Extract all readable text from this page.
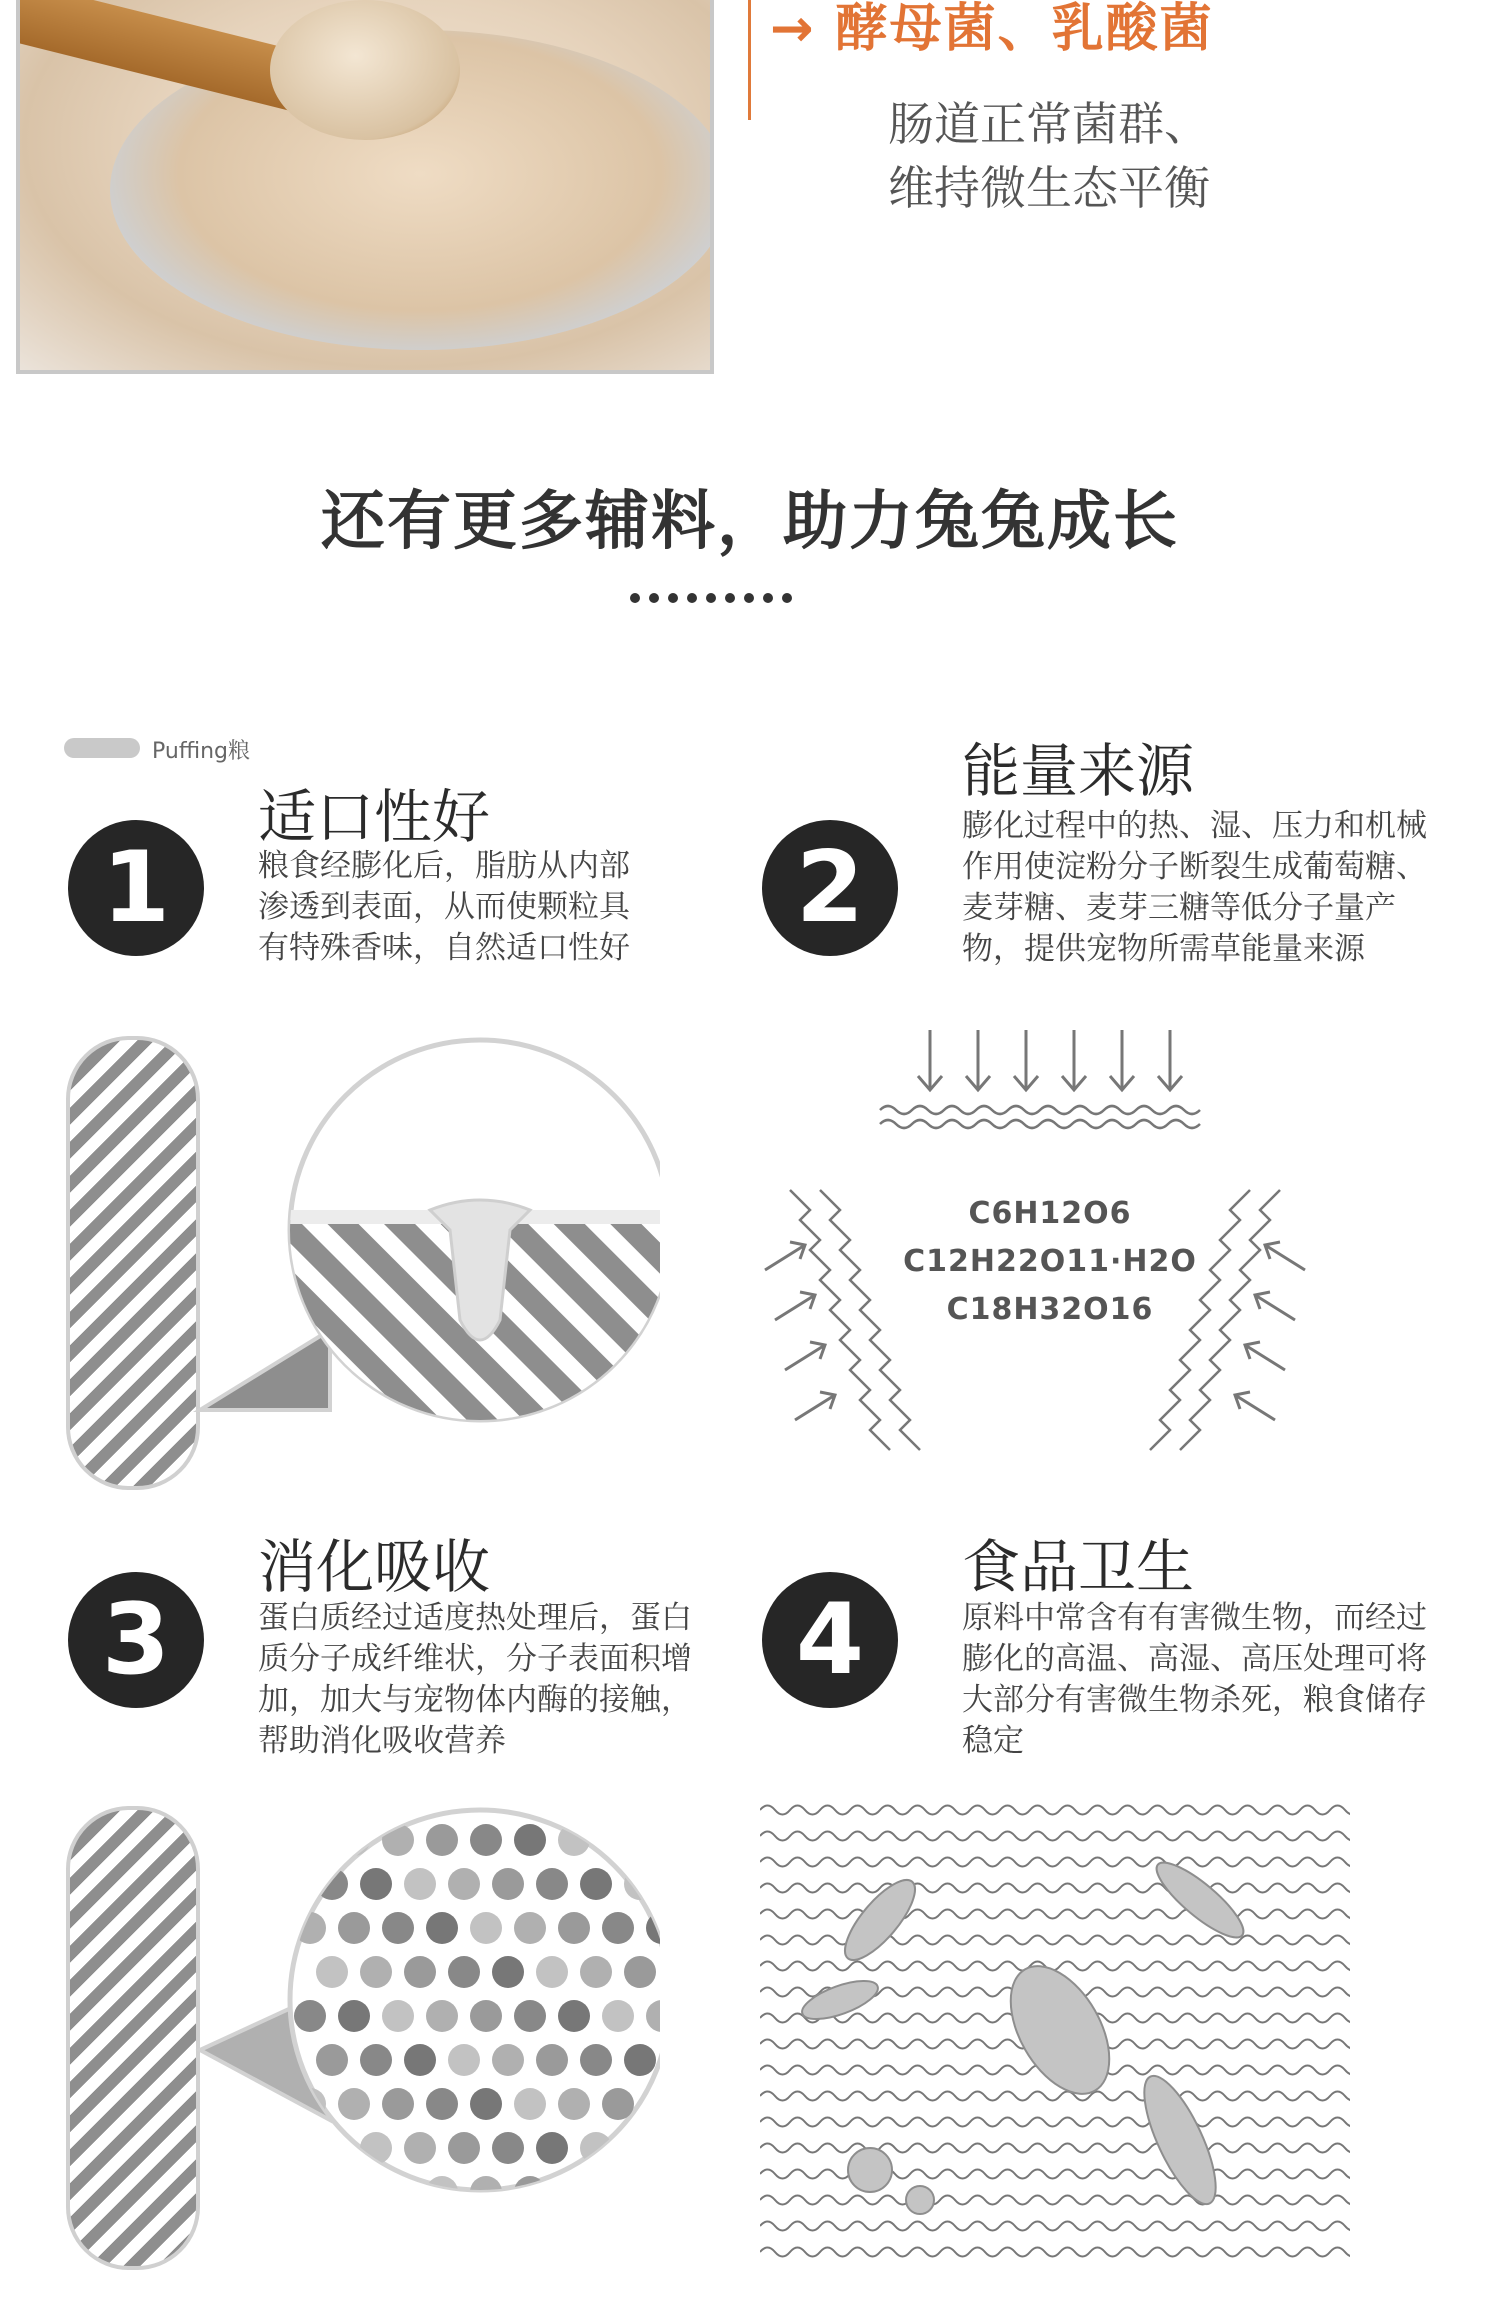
→ 酵母菌、乳酸菌
肠道正常菌群、
维持微生态平衡
还有更多辅料，助力兔兔成长
Puffing粮
1
适口性好
粮食经膨化后，脂肪从内部渗透到表面，从而使颗粒具有特殊香味，自然适口性好
2
能量来源
膨化过程中的热、湿、压力和机械作用使淀粉分子断裂生成葡萄糖、麦芽糖、麦芽三糖等低分子量产物，提供宠物所需草能量来源
C6H12O6
C12H22O11·H2O
C18H32O16
3
消化吸收
蛋白质经过适度热处理后，蛋白质分子成纤维状，分子表面积增加，加大与宠物体内酶的接触，帮助消化吸收营养
4
食品卫生
原料中常含有有害微生物，而经过膨化的高温、高湿、高压处理可将大部分有害微生物杀死，粮食储存稳定
